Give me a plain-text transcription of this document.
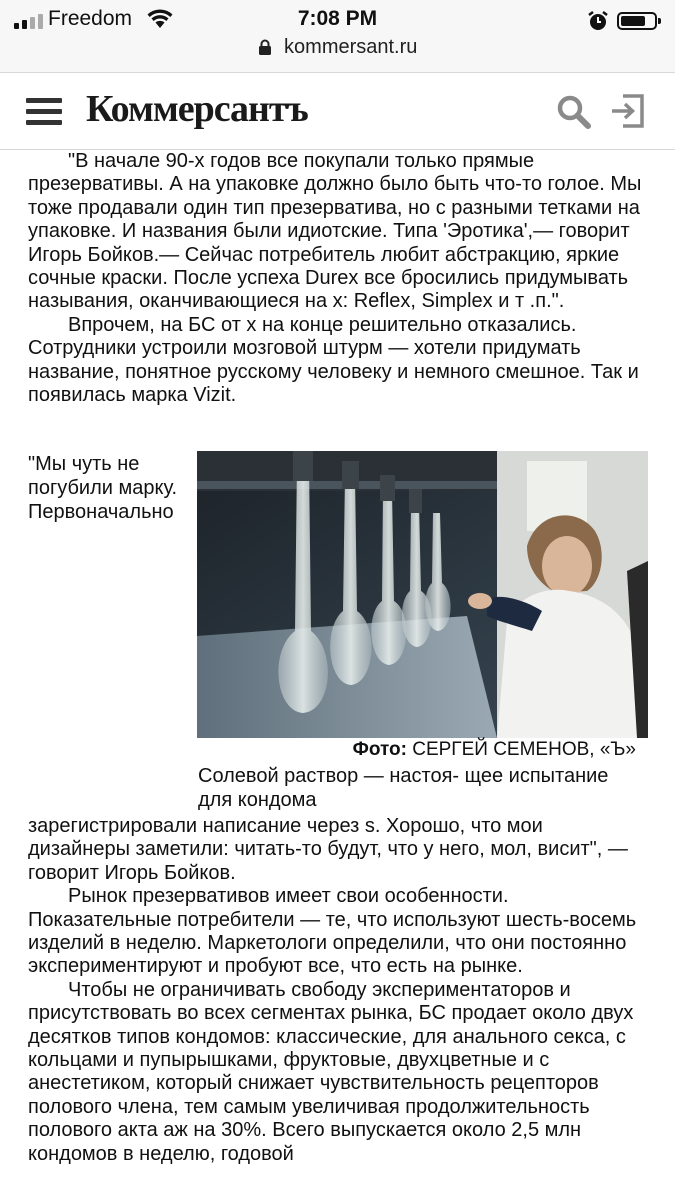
Freedom	7:08 PM
kommersant.ru
Коммерсантъ

"В начале 90-х годов все покупали только прямые презервативы. А на упаковке должно было быть что-то голое. Мы тоже продавали один тип презерватива, но с разными тетками на упаковке. И названия были идиотские. Типа 'Эротика',— говорит Игорь Бойков.— Сейчас потребитель любит абстракцию, яркие сочные краски. После успеха Durex все бросились придумывать называния, оканчивающиеся на x: Reflex, Simplex и т .п.".

Впрочем, на БС от х на конце решительно отказались. Сотрудники устроили мозговой штурм — хотели придумать название, понятное русскому человеку и немного смешное. Так и появилась марка Vizit.

"Мы чуть не погубили марку. Первоначально
Фото: СЕРГЕЙ СЕМЕНОВ, «Ъ»
Солевой раствор — настоя- щее испытание для кондома

зарегистрировали написание через s. Хорошо, что мои дизайнеры заметили: читать-то будут, что у него, мол, висит", — говорит Игорь Бойков.

Рынок презервативов имеет свои особенности. Показательные потребители — те, что используют шесть-восемь изделий в неделю. Маркетологи определили, что они постоянно экспериментируют и пробуют все, что есть на рынке.

Чтобы не ограничивать свободу экспериментаторов и присутствовать во всех сегментах рынка, БС продает около двух десятков типов кондомов: классические, для анального секса, с кольцами и пупырышками, фруктовые, двухцветные и с анестетиком, который снижает чувствительность рецепторов полового члена, тем самым увеличивая продолжительность полового акта аж на 30%. Всего выпускается около 2,5 млн кондомов в неделю, годовой
